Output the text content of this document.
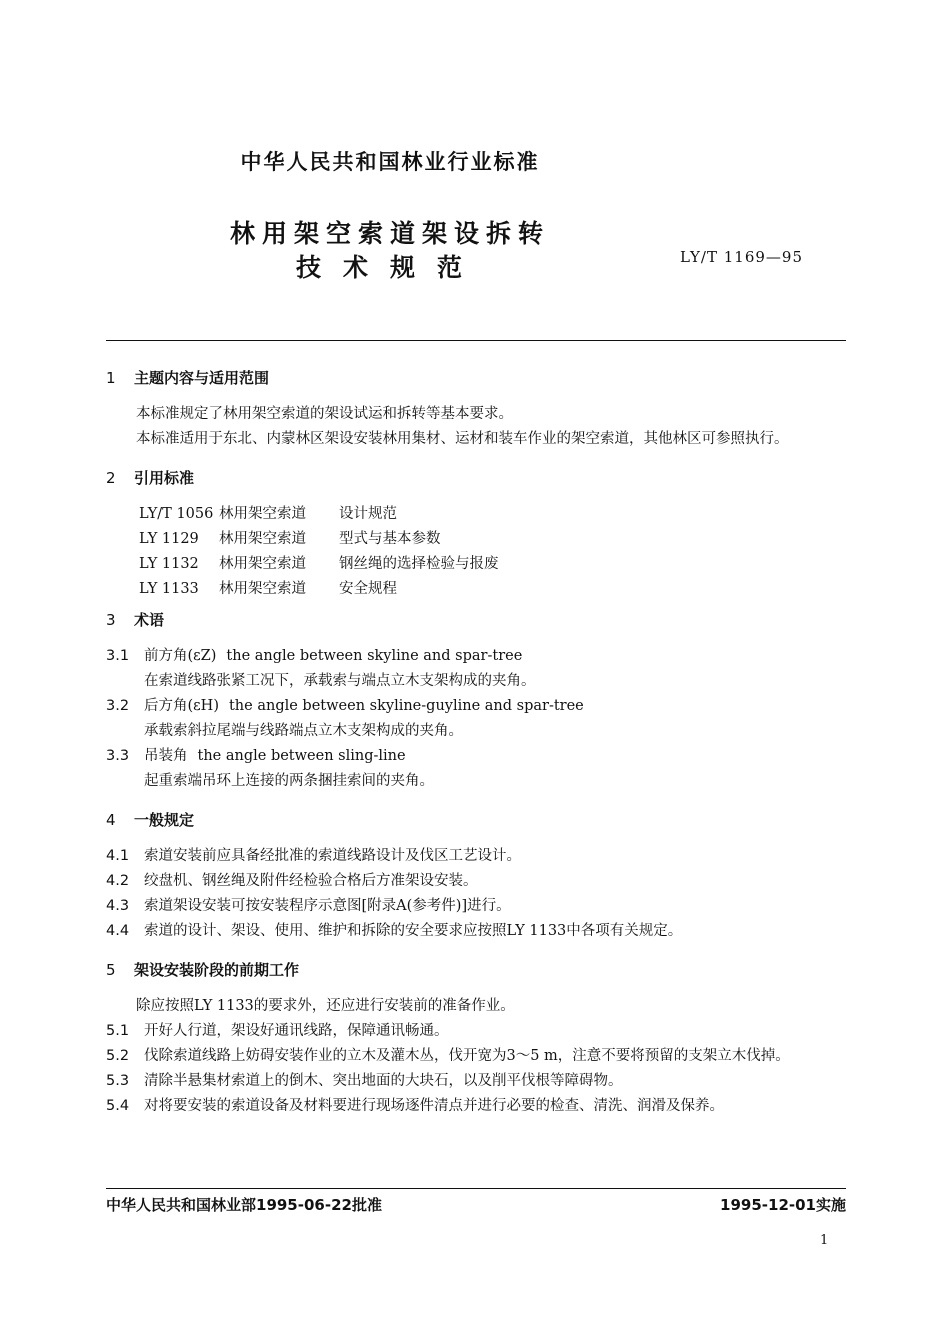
中华人民共和国林业行业标准
林用架空索道架设拆转
技术规范	LY/T 1169—95
1 主题内容与适用范围

本标准规定了林用架空索道的架设试运和拆转等基本要求。

本标准适用于东北、内蒙林区架设安装林用集材、运材和装车作业的架空索道，其他林区可参照执行。

2 引用标准
LY/T 1056 林用架空索道	设计规范
LY 1129	林用架空索道	型式与基本参数
LY 1132	林用架空索道	钢丝绳的选择检验与报废
LY 1133	林用架空索道	安全规程
3 术语

3.1 前方角(εZ) the angle between skyline and spar-tree

在索道线路张紧工况下，承载索与端点立木支架构成的夹角。

3.2 后方角(εH) the angle between skyline-guyline and spar-tree

承载索斜拉尾端与线路端点立木支架构成的夹角。

3.3 吊装角 the angle between sling-line

起重索端吊环上连接的两条捆挂索间的夹角。

4 一般规定

4.1 索道安装前应具备经批准的索道线路设计及伐区工艺设计。

4.2 绞盘机、钢丝绳及附件经检验合格后方准架设安装。

4.3 索道架设安装可按安装程序示意图[附录A(参考件)]进行。

4.4 索道的设计、架设、使用、维护和拆除的安全要求应按照LY 1133中各项有关规定。

5 架设安装阶段的前期工作

除应按照LY 1133的要求外，还应进行安装前的准备作业。

5.1 开好人行道，架设好通讯线路，保障通讯畅通。

5.2 伐除索道线路上妨碍安装作业的立木及灌木丛，伐开宽为3～5 m，注意不要将预留的支架立木伐掉。

5.3 清除半悬集材索道上的倒木、突出地面的大块石，以及削平伐根等障碍物。

5.4 对将要安装的索道设备及材料要进行现场逐件清点并进行必要的检查、清洗、润滑及保养。

中华人民共和国林业部1995-06-22批准	1995-12-01实施
1
